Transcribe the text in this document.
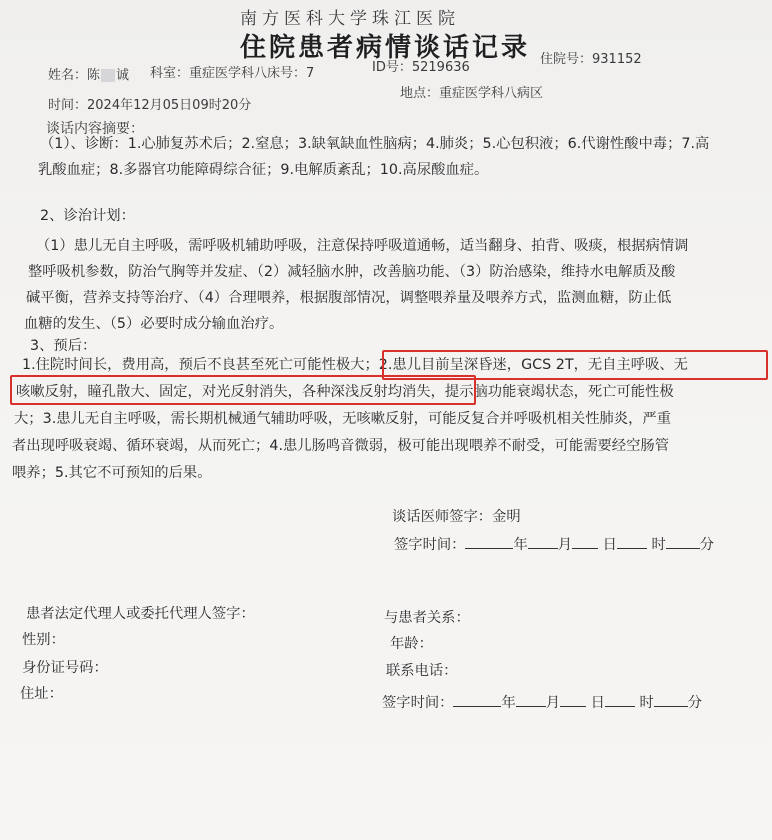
南方医科大学珠江医院
住院患者病情谈话记录
姓名：陈 诚 科室：重症医学科八床号：7	ID号：5219636
住院号：931152
时间：2024年12月05日09时20分
地点：重症医学科八病区
谈话内容摘要：
（1）、诊断：1.心肺复苏术后；2.窒息；3.缺氧缺血性脑病；4.肺炎；5.心包积液；6.代谢性酸中毒；7.高
乳酸血症；8.多器官功能障碍综合征；9.电解质紊乱；10.高尿酸血症。
2、诊治计划：
（1）患儿无自主呼吸，需呼吸机辅助呼吸，注意保持呼吸道通畅，适当翻身、拍背、吸痰，根据病情调
整呼吸机参数，防治气胸等并发症、（2）减轻脑水肿，改善脑功能、（3）防治感染，维持水电解质及酸
碱平衡，营养支持等治疗、（4）合理喂养，根据腹部情况，调整喂养量及喂养方式，监测血糖，防止低
血糖的发生、（5）必要时成分输血治疗。
3、预后：
1.住院时间长，费用高，预后不良甚至死亡可能性极大；2.患儿目前呈深昏迷，GCS 2T，无自主呼吸、无
咳嗽反射，瞳孔散大、固定，对光反射消失，各种深浅反射均消失，提示脑功能衰竭状态，死亡可能性极
大；3.患儿无自主呼吸，需长期机械通气辅助呼吸，无咳嗽反射，可能反复合并呼吸机相关性肺炎，严重
者出现呼吸衰竭、循环衰竭，从而死亡；4.患儿肠鸣音微弱，极可能出现喂养不耐受，可能需要经空肠管
喂养；5.其它不可预知的后果。
谈话医师签字：金明
签字时间：	年 月 日 时 分
患者法定代理人或委托代理人签字：
性别：
身份证号码：
住址：
与患者关系：
年龄：
联系电话：
签字时间：	年 月 日 时 分
